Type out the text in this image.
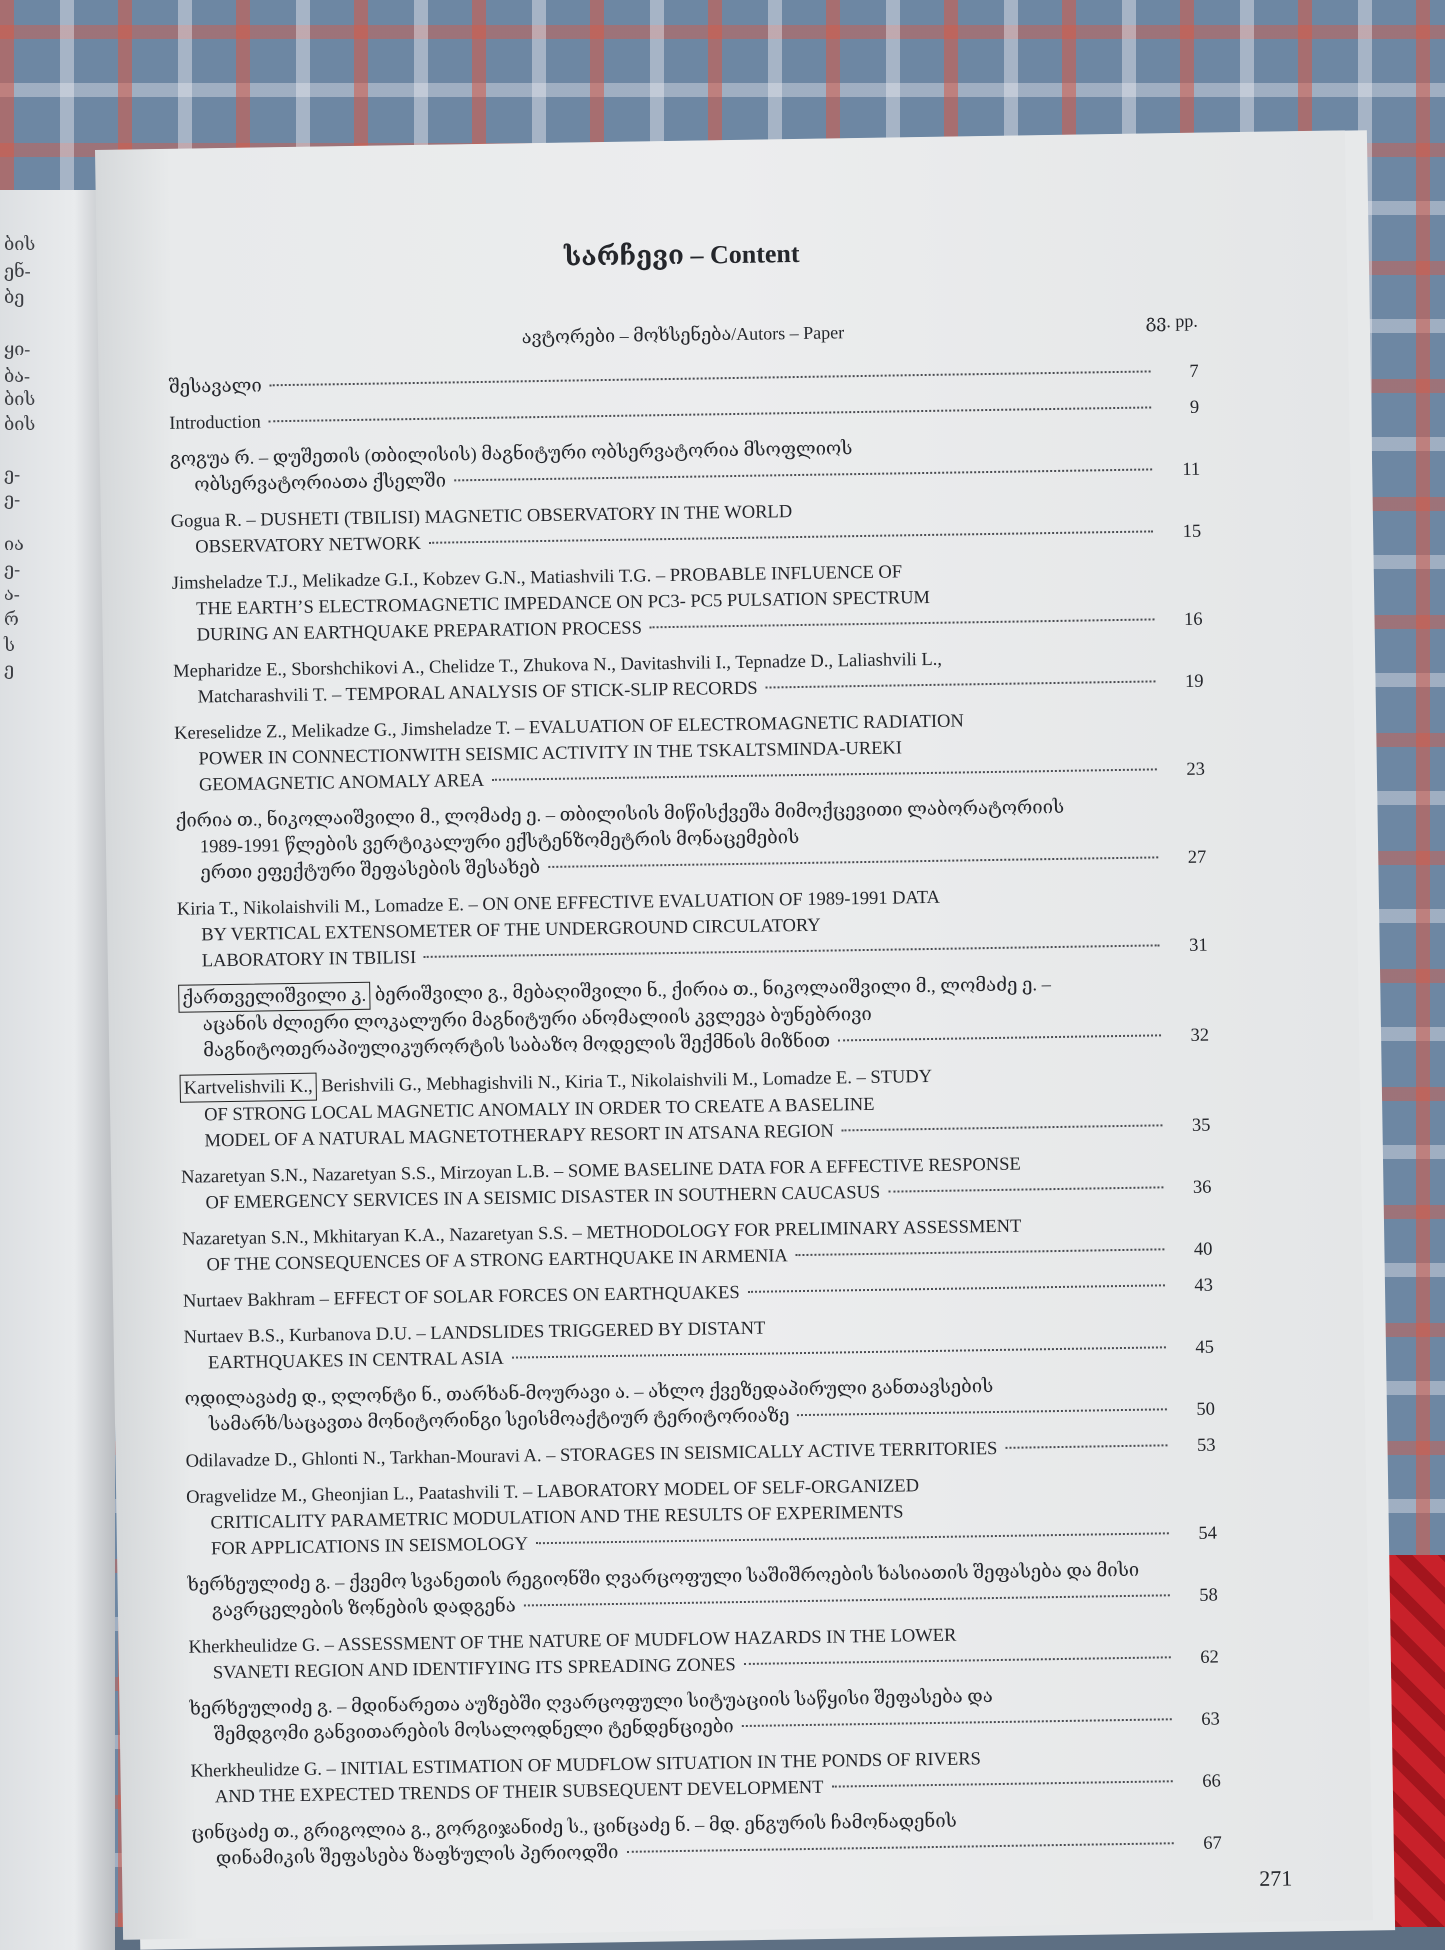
ბის
ენ-
ბე
ყი-
ბა-
ბის
ბის
ე-
ე-
ია
ე-
ა-
რ
ს
ე
სარჩევი – Content
ავტორები – მოხსენება/Autors – Paper
გვ. pp.
შესავალი
7
Introduction
9
გოგუა რ. – დუშეთის (თბილისის) მაგნიტური ობსერვატორია მსოფლიოს
ობსერვატორიათა ქსელში
11
Gogua R. – DUSHETI (TBILISI) MAGNETIC OBSERVATORY IN THE WORLD
OBSERVATORY NETWORK
15
Jimsheladze T.J., Melikadze G.I., Kobzev G.N., Matiashvili T.G. – PROBABLE INFLUENCE OF
THE EARTH’S ELECTROMAGNETIC IMPEDANCE ON PC3- PC5 PULSATION SPECTRUM
DURING AN EARTHQUAKE PREPARATION PROCESS	16
Mepharidze E., Sborshchikovi A., Chelidze T., Zhukova N., Davitashvili I., Tepnadze D., Laliashvili L.,
Matcharashvili T. – TEMPORAL ANALYSIS OF STICK-SLIP RECORDS	19
Kereselidze Z., Melikadze G., Jimsheladze T. – EVALUATION OF ELECTROMAGNETIC RADIATION
POWER IN CONNECTIONWITH SEISMIC ACTIVITY IN THE TSKALTSMINDA-UREKI
GEOMAGNETIC ANOMALY AREA
23
ქირია თ., ნიკოლაიშვილი მ., ლომაძე ე. – თბილისის მიწისქვეშა მიმოქცევითი ლაბორატორიის
1989-1991 წლების ვერტიკალური ექსტენზომეტრის მონაცემების
ერთი ეფექტური შეფასების შესახებ
27
Kiria T., Nikolaishvili M., Lomadze E. – ON ONE EFFECTIVE EVALUATION OF 1989-1991 DATA
BY VERTICAL EXTENSOMETER OF THE UNDERGROUND CIRCULATORY
LABORATORY IN TBILISI
31
ქართველიშვილი კ.
ბერიშვილი გ., მებაღიშვილი ნ., ქირია თ., ნიკოლაიშვილი მ., ლომაძე ე. –
აცანის ძლიერი ლოკალური მაგნიტური ანომალიის კვლევა ბუნებრივი
მაგნიტოთერაპიულიკურორტის საბაზო მოდელის შექმნის მიზნით	32
Kartvelishvili K.,
Berishvili G., Mebhagishvili N., Kiria T., Nikolaishvili M., Lomadze E. – STUDY
OF STRONG LOCAL MAGNETIC ANOMALY IN ORDER TO CREATE A BASELINE
MODEL OF A NATURAL MAGNETOTHERAPY RESORT IN ATSANA REGION	35
Nazaretyan S.N., Nazaretyan S.S., Mirzoyan L.B. – SOME BASELINE DATA FOR A EFFECTIVE RESPONSE
OF EMERGENCY SERVICES IN A SEISMIC DISASTER IN SOUTHERN CAUCASUS	36
Nazaretyan S.N., Mkhitaryan K.A., Nazaretyan S.S. – METHODOLOGY FOR PRELIMINARY ASSESSMENT
OF THE CONSEQUENCES OF A STRONG EARTHQUAKE IN ARMENIA	40
Nurtaev Bakhram – EFFECT OF SOLAR FORCES ON EARTHQUAKES	43
Nurtaev B.S., Kurbanova D.U. – LANDSLIDES TRIGGERED BY DISTANT
EARTHQUAKES IN CENTRAL ASIA
45
ოდილავაძე დ., ღლონტი ნ., თარხან-მოურავი ა. – ახლო ქვეზედაპირული განთავსების
სამარხ/საცავთა მონიტორინგი სეისმოაქტიურ ტერიტორიაზე	50
Odilavadze D., Ghlonti N., Tarkhan-Mouravi A. – STORAGES IN SEISMICALLY ACTIVE TERRITORIES	53
Oragvelidze M., Gheonjian L., Paatashvili T. – LABORATORY MODEL OF SELF-ORGANIZED
CRITICALITY PARAMETRIC MODULATION AND THE RESULTS OF EXPERIMENTS
FOR APPLICATIONS IN SEISMOLOGY
54
ხერხეულიძე გ. – ქვემო სვანეთის რეგიონში ღვარცოფული საშიშროების ხასიათის შეფასება და მისი
გავრცელების ზონების დადგენა
58
Kherkheulidze G. – ASSESSMENT OF THE NATURE OF MUDFLOW HAZARDS IN THE LOWER
SVANETI REGION AND IDENTIFYING ITS SPREADING ZONES	62
ხერხეულიძე გ. – მდინარეთა აუზებში ღვარცოფული სიტუაციის საწყისი შეფასება და
შემდგომი განვითარების მოსალოდნელი ტენდენციები	63
Kherkheulidze G. – INITIAL ESTIMATION OF MUDFLOW SITUATION IN THE PONDS OF RIVERS
AND THE EXPECTED TRENDS OF THEIR SUBSEQUENT DEVELOPMENT	66
ცინცაძე თ., გრიგოლია გ., გორგიჯანიძე ს., ცინცაძე ნ. – მდ. ენგურის ჩამონადენის
დინამიკის შეფასება ზაფხულის პერიოდში	67
271
